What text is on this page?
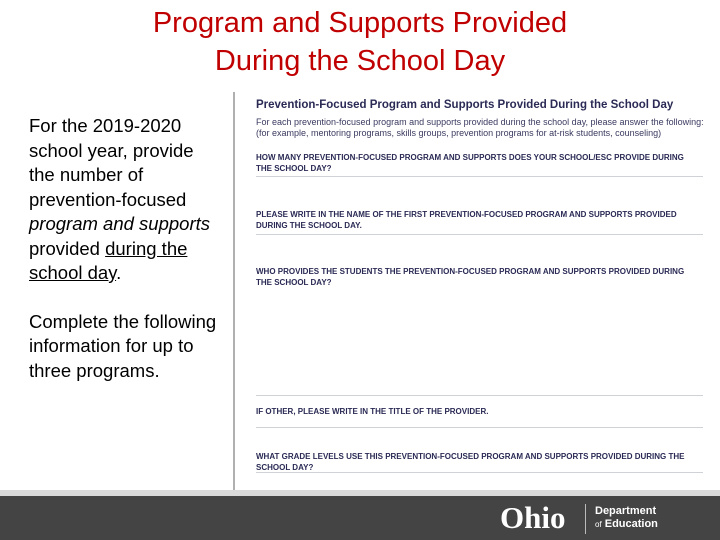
Program and Supports Provided
During the School Day

For the 2019-2020 school year, provide the number of prevention-focused program and supports provided during the school day.

Complete the following information for up to three programs.

Prevention-Focused Program and Supports Provided During the School Day
For each prevention-focused program and supports provided during the school day, please answer the following: (for example, mentoring programs, skills groups, prevention programs for at-risk students, counseling)
HOW MANY PREVENTION-FOCUSED PROGRAM AND SUPPORTS DOES YOUR SCHOOL/ESC PROVIDE DURING THE SCHOOL DAY?
PLEASE WRITE IN THE NAME OF THE FIRST PREVENTION-FOCUSED PROGRAM AND SUPPORTS PROVIDED DURING THE SCHOOL DAY.
WHO PROVIDES THE STUDENTS THE PREVENTION-FOCUSED PROGRAM AND SUPPORTS PROVIDED DURING THE SCHOOL DAY?
IF OTHER, PLEASE WRITE IN THE TITLE OF THE PROVIDER.
WHAT GRADE LEVELS USE THIS PREVENTION-FOCUSED PROGRAM AND SUPPORTS PROVIDED DURING THE SCHOOL DAY?
Ohio	Department
of Education
